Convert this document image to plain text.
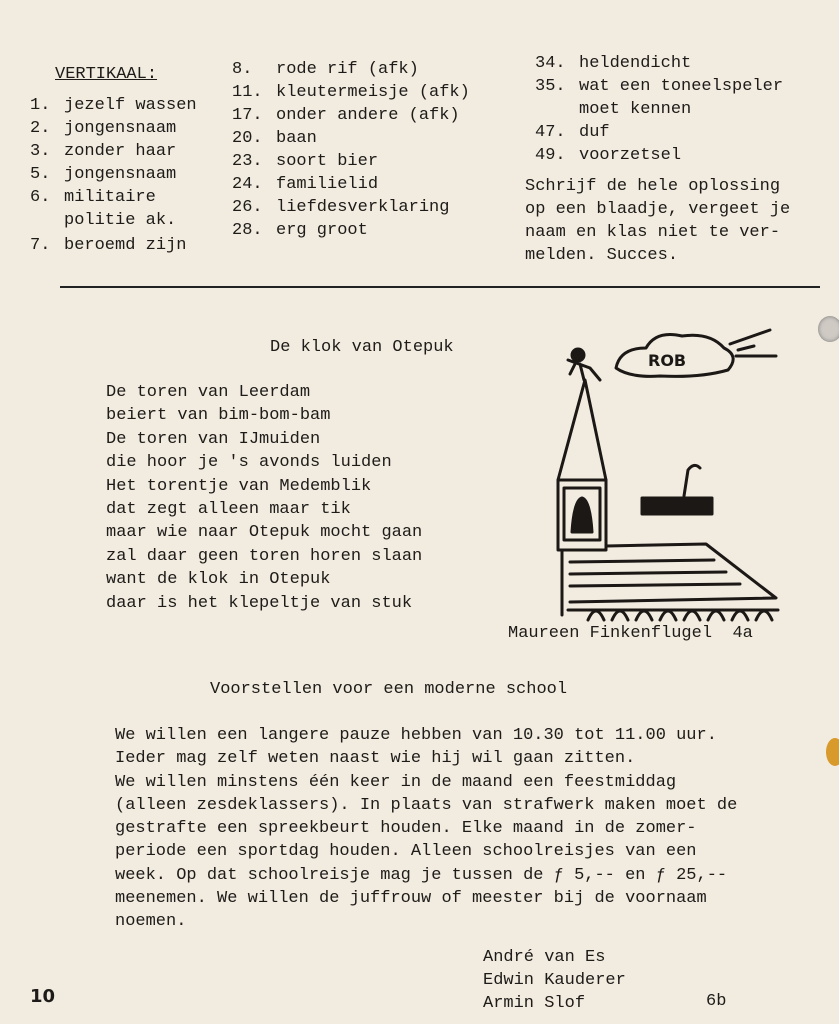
VERTIKAAL:
1. jezelf wassen
2. jongensnaam
3. zonder haar
5. jongensnaam
6. militaire
politie ak.
7. beroemd zijn
8. rode rif (afk)
11. kleutermeisje (afk)
17. onder andere (afk)
20. baan
23. soort bier
24. familielid
26. liefdesverklaring
28. erg groot
34. heldendicht
35. wat een toneelspeler
moet kennen
47. duf
49. voorzetsel
Schrijf de hele oplossing
op een blaadje, vergeet je
naam en klas niet te ver-
melden. Succes.
De klok van Otepuk
De toren van Leerdam
beiert van bim-bom-bam
De toren van IJmuiden
die hoor je 's avonds luiden
Het torentje van Medemblik
dat zegt alleen maar tik
maar wie naar Otepuk mocht gaan
zal daar geen toren horen slaan
want de klok in Otepuk
daar is het klepeltje van stuk
ROB
Maureen Finkenflugel 4a
Voorstellen voor een moderne school
We willen een langere pauze hebben van 10.30 tot 11.00 uur.
Ieder mag zelf weten naast wie hij wil gaan zitten.
We willen minstens één keer in de maand een feestmiddag
(alleen zesdeklassers). In plaats van strafwerk maken moet de
gestrafte een spreekbeurt houden. Elke maand in de zomer-
periode een sportdag houden. Alleen schoolreisjes van een
week. Op dat schoolreisje mag je tussen de ƒ 5,-- en ƒ 25,--
meenemen. We willen de juffrouw of meester bij de voornaam
noemen.
André van Es
Edwin Kauderer
Armin Slof	6b
10
